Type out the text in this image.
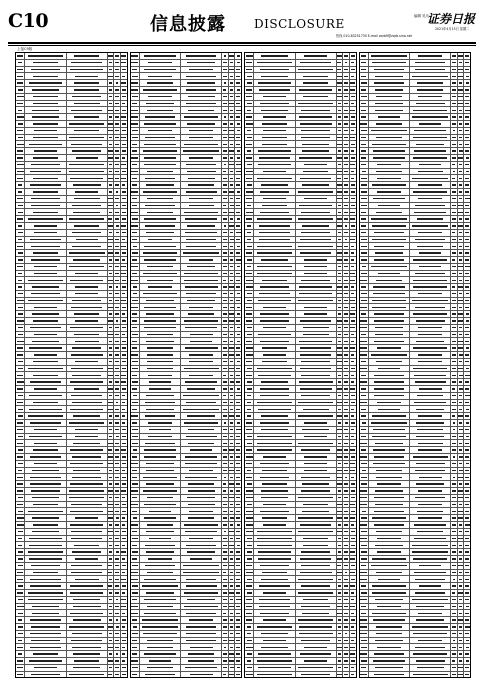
C10	信息披露 DISCLOSURE
编辑 吴凡
证券日报
2021年4月13日 星期二
热线 010-83251730 E-mail zqrb9@zqrb.sina.net
上接C9版
